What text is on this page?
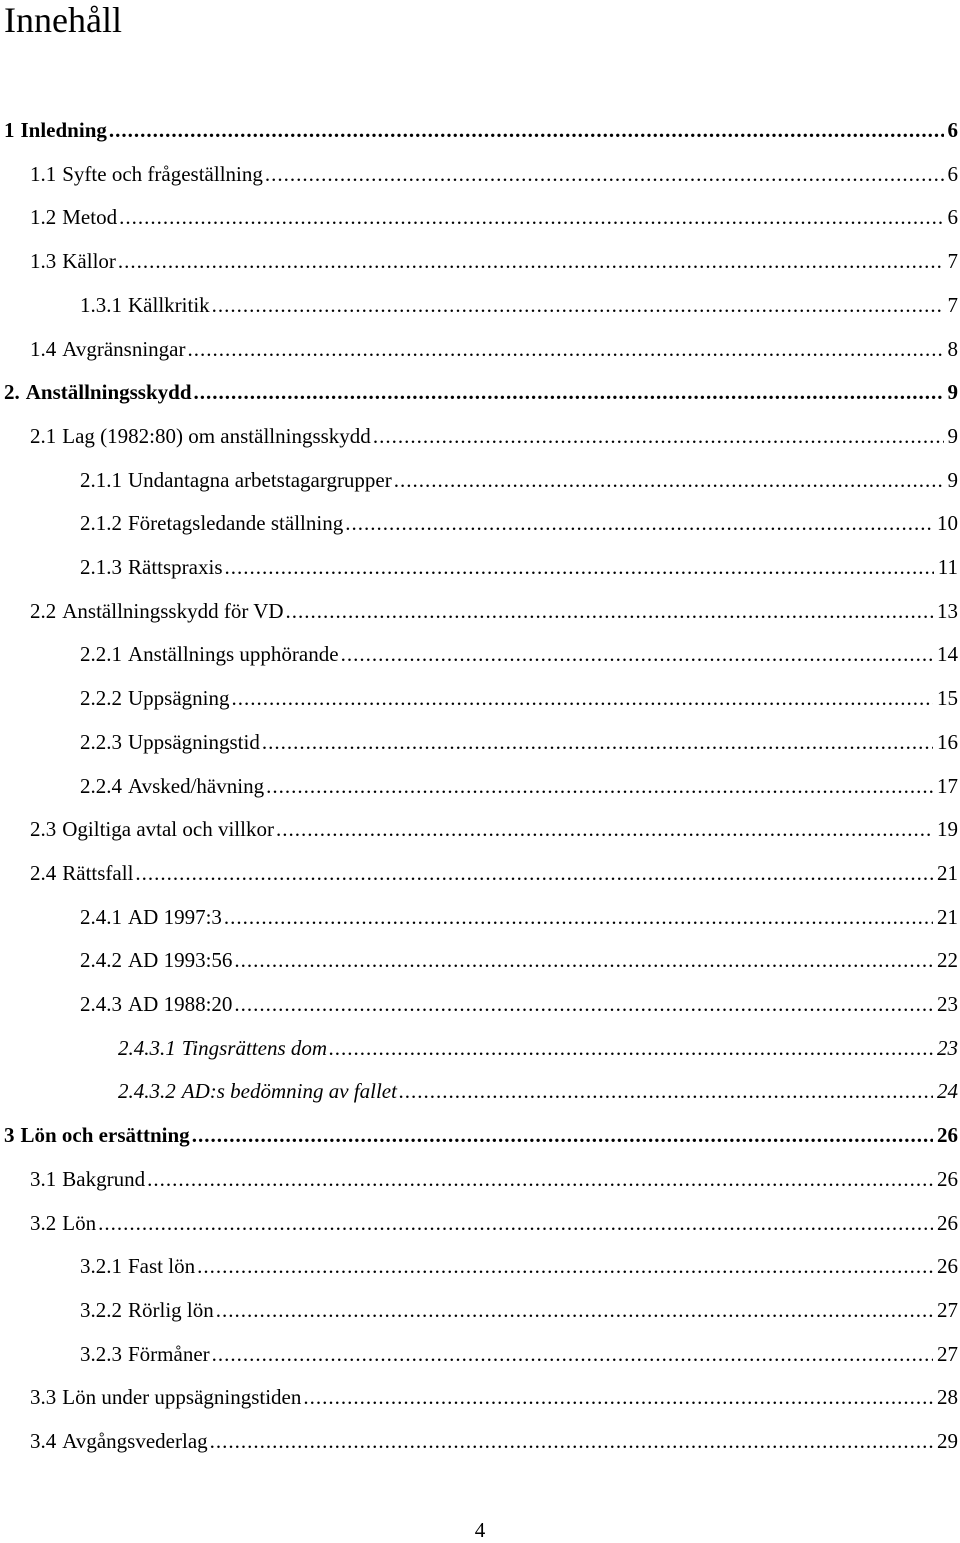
Innehåll
1 Inledning .....	6
1.1 Syfte och frågeställning .....	6
1.2 Metod .....	6
1.3 Källor .....	7
1.3.1 Källkritik .....	7
1.4 Avgränsningar .....	8
2. Anställningsskydd .....	9
2.1 Lag (1982:80) om anställningsskydd .....	9
2.1.1 Undantagna arbetstagargrupper .....	9
2.1.2 Företagsledande ställning .....	10
2.1.3 Rättspraxis .....	11
2.2 Anställningsskydd för VD .....	13
2.2.1 Anställnings upphörande .....	14
2.2.2 Uppsägning .....	15
2.2.3 Uppsägningstid .....	16
2.2.4 Avsked/hävning .....	17
2.3 Ogiltiga avtal och villkor .....	19
2.4 Rättsfall .....	21
2.4.1 AD 1997:3 .....	21
2.4.2 AD 1993:56 .....	22
2.4.3 AD 1988:20 .....	23
2.4.3.1 Tingsrättens dom .....	23
2.4.3.2 AD:s bedömning av fallet .....	24
3 Lön och ersättning .....	26
3.1 Bakgrund .....	26
3.2 Lön .....	26
3.2.1 Fast lön .....	26
3.2.2 Rörlig lön .....	27
3.2.3 Förmåner .....	27
3.3 Lön under uppsägningstiden .....	28
3.4 Avgångsvederlag .....	29
4
